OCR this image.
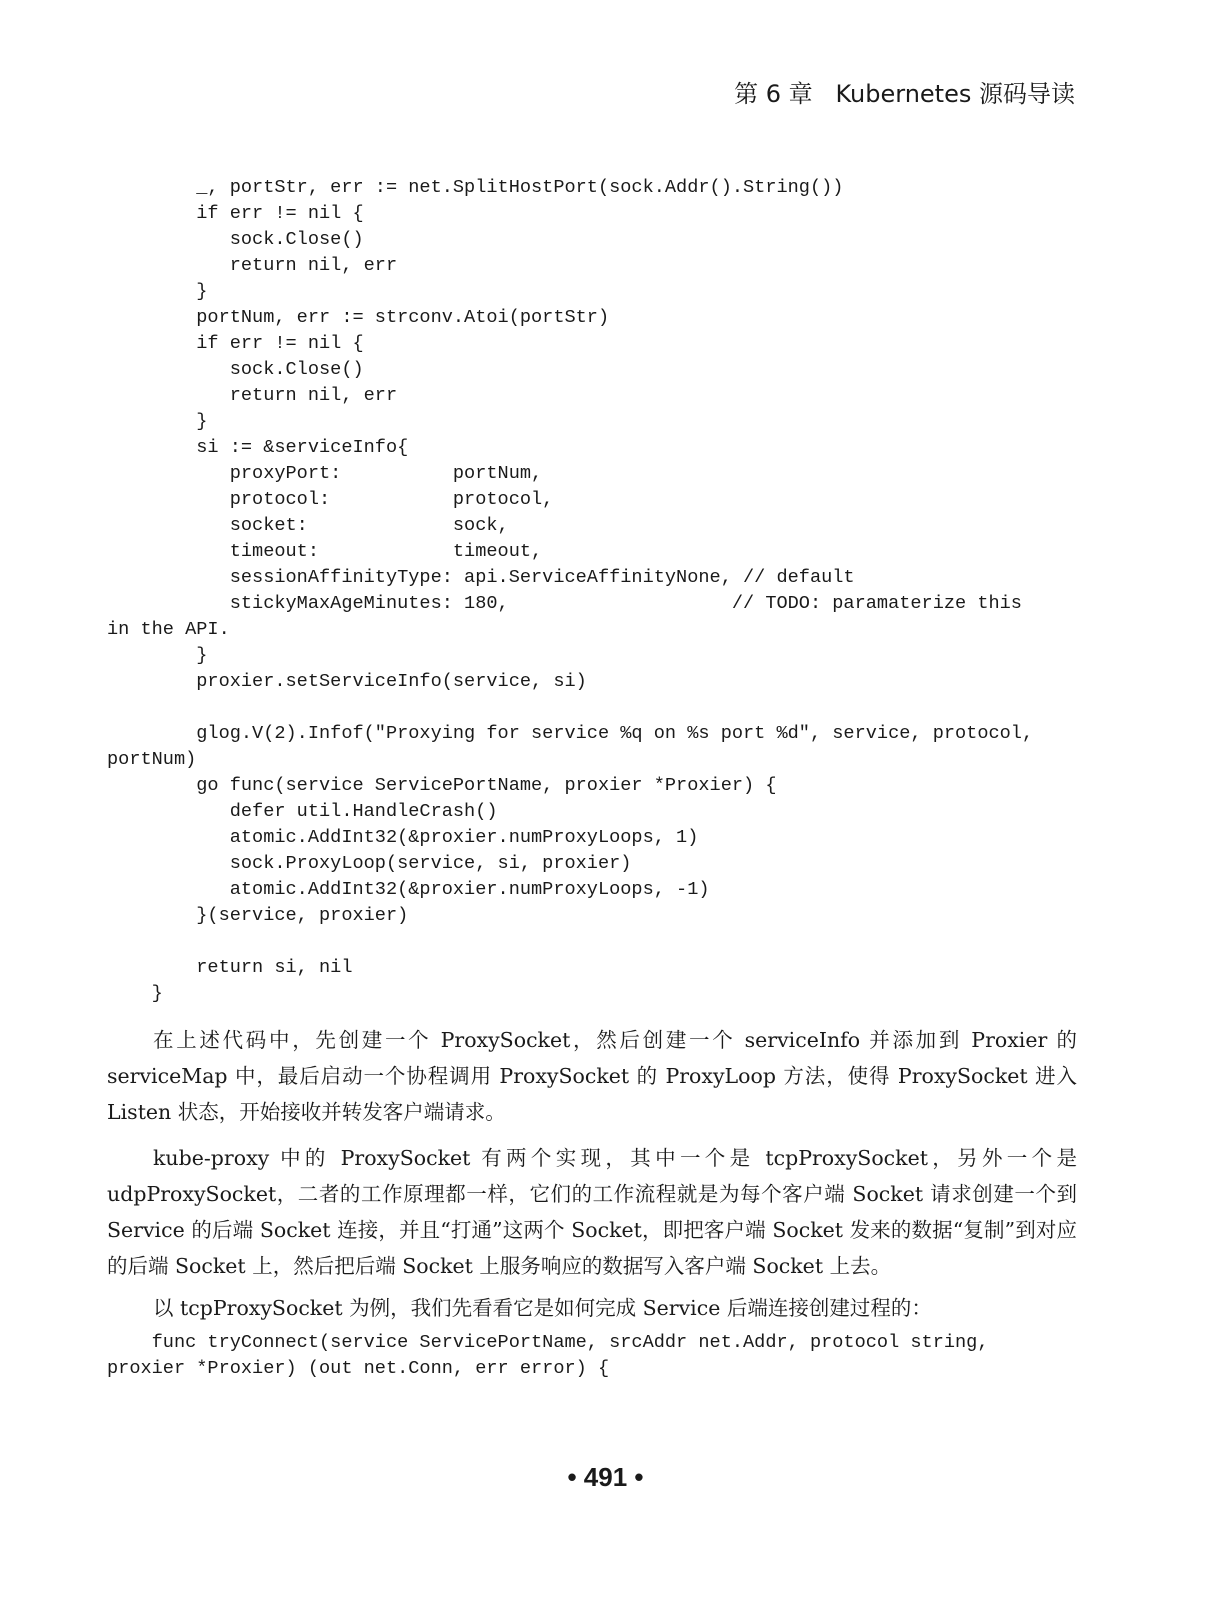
第 6 章   Kubernetes 源码导读
_, portStr, err := net.SplitHostPort(sock.Addr().String())
if err != nil {
sock.Close()
return nil, err
}
portNum, err := strconv.Atoi(portStr)
if err != nil {
sock.Close()
return nil, err
}
si := &serviceInfo{
proxyPort:          portNum,
protocol:           protocol,
socket:             sock,
timeout:            timeout,
sessionAffinityType: api.ServiceAffinityNone, // default
stickyMaxAgeMinutes: 180,                    // TODO: paramaterize this
in the API.
}
proxier.setServiceInfo(service, si)

glog.V(2).Infof("Proxying for service %q on %s port %d", service, protocol,
portNum)
go func(service ServicePortName, proxier *Proxier) {
defer util.HandleCrash()
atomic.AddInt32(&proxier.numProxyLoops, 1)
sock.ProxyLoop(service, si, proxier)
atomic.AddInt32(&proxier.numProxyLoops, -1)
}(service, proxier)

return si, nil
}

在上述代码中，先创建一个 ProxySocket，然后创建一个 serviceInfo 并添加到 Proxier 的 serviceMap 中，最后启动一个协程调用 ProxySocket 的 ProxyLoop 方法，使得 ProxySocket 进入 Listen 状态，开始接收并转发客户端请求。

kube-proxy 中的 ProxySocket 有两个实现，其中一个是 tcpProxySocket，另外一个是 udpProxySocket，二者的工作原理都一样，它们的工作流程就是为每个客户端 Socket 请求创建一个到 Service 的后端 Socket 连接，并且“打通”这两个 Socket，即把客户端 Socket 发来的数据“复制”到对应的后端 Socket 上，然后把后端 Socket 上服务响应的数据写入客户端 Socket 上去。

以 tcpProxySocket 为例，我们先看看它是如何完成 Service 后端连接创建过程的：

func tryConnect(service ServicePortName, srcAddr net.Addr, protocol string,
proxier *Proxier) (out net.Conn, err error) {
• 491 •
